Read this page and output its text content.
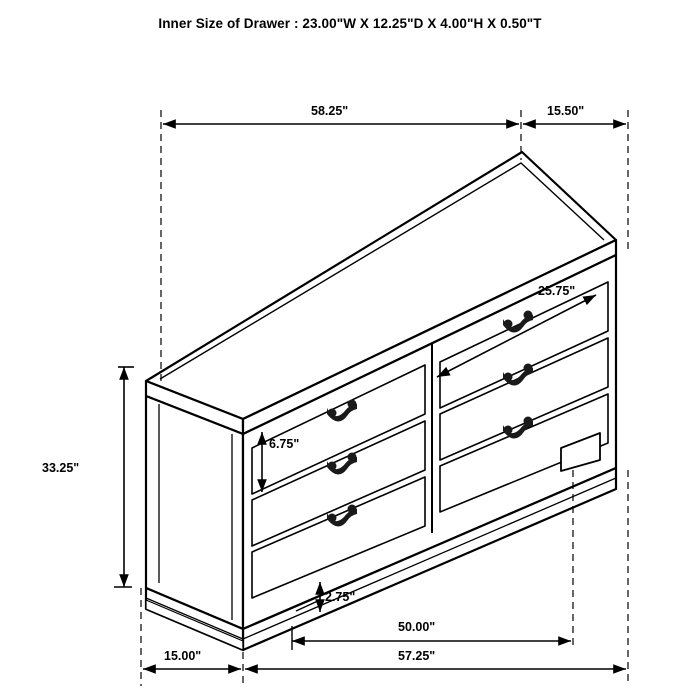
Inner Size of Drawer : 23.00"W X 12.25"D X 4.00"H X 0.50"T
58.25"	15.50"
25.75"
33.25"
6.75"
2.75"
50.00"
15.00"	57.25"
